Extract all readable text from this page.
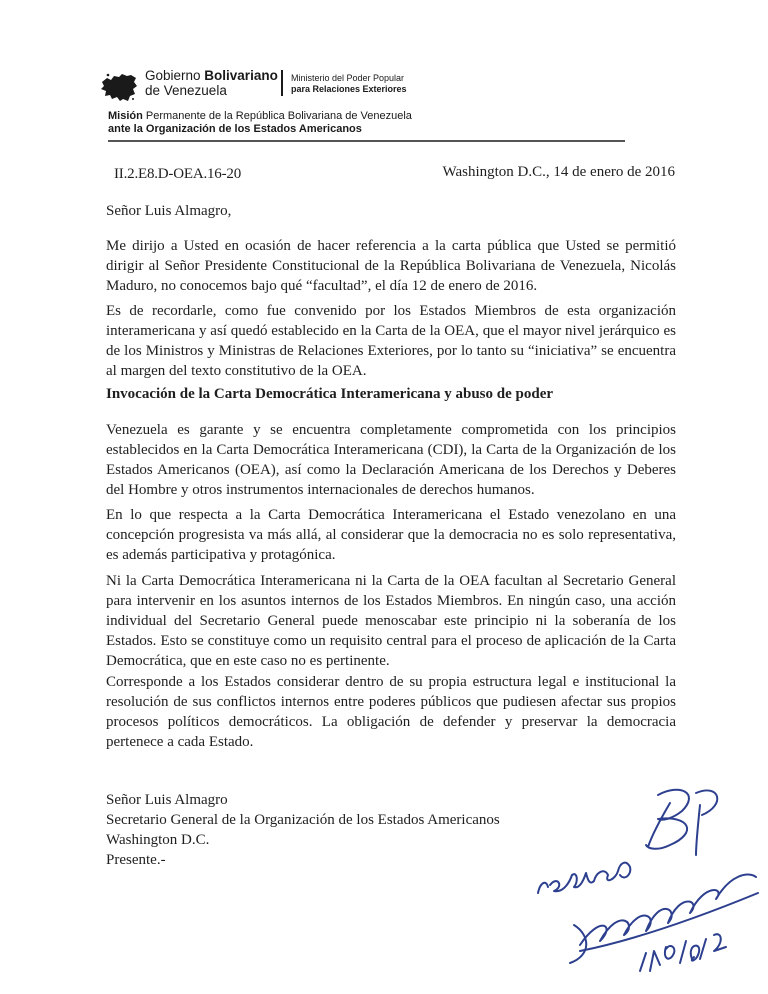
Gobierno Bolivariano
de Venezuela
Ministerio del Poder Popular
para Relaciones Exteriores
Misión Permanente de la República Bolivariana de Venezuela
ante la Organización de los Estados Americanos
II.2.E8.D-OEA.16-20	Washington D.C., 14 de enero de 2016
Señor Luis Almagro,

Me dirijo a Usted en ocasión de hacer referencia a la carta pública que Usted se permitió dirigir al Señor Presidente Constitucional de la República Bolivariana de Venezuela, Nicolás Maduro, no conocemos bajo qué “facultad”, el día 12 de enero de 2016.

Es de recordarle, como fue convenido por los Estados Miembros de esta organización interamericana y así quedó establecido en la Carta de la OEA, que el mayor nivel jerárquico es de los Ministros y Ministras de Relaciones Exteriores, por lo tanto su “iniciativa” se encuentra al margen del texto constitutivo de la OEA.

Invocación de la Carta Democrática Interamericana y abuso de poder

Venezuela es garante y se encuentra completamente comprometida con los principios establecidos en la Carta Democrática Interamericana (CDI), la Carta de la Organización de los Estados Americanos (OEA), así como la Declaración Americana de los Derechos y Deberes del Hombre y otros instrumentos internacionales de derechos humanos.

En lo que respecta a la Carta Democrática Interamericana el Estado venezolano en una concepción progresista va más allá, al considerar que la democracia no es solo representativa, es además participativa y protagónica.

Ni la Carta Democrática Interamericana ni la Carta de la OEA facultan al Secretario General para intervenir en los asuntos internos de los Estados Miembros. En ningún caso, una acción individual del Secretario General puede menoscabar este principio ni la soberanía de los Estados. Esto se constituye como un requisito central para el proceso de aplicación de la Carta Democrática, que en este caso no es pertinente.

Corresponde a los Estados considerar dentro de su propia estructura legal e institucional la resolución de sus conflictos internos entre poderes públicos que pudiesen afectar sus propios procesos políticos democráticos. La obligación de defender y preservar la democracia pertenece a cada Estado.

Señor Luis Almagro
Secretario General de la Organización de los Estados Americanos
Washington D.C.
Presente.-
